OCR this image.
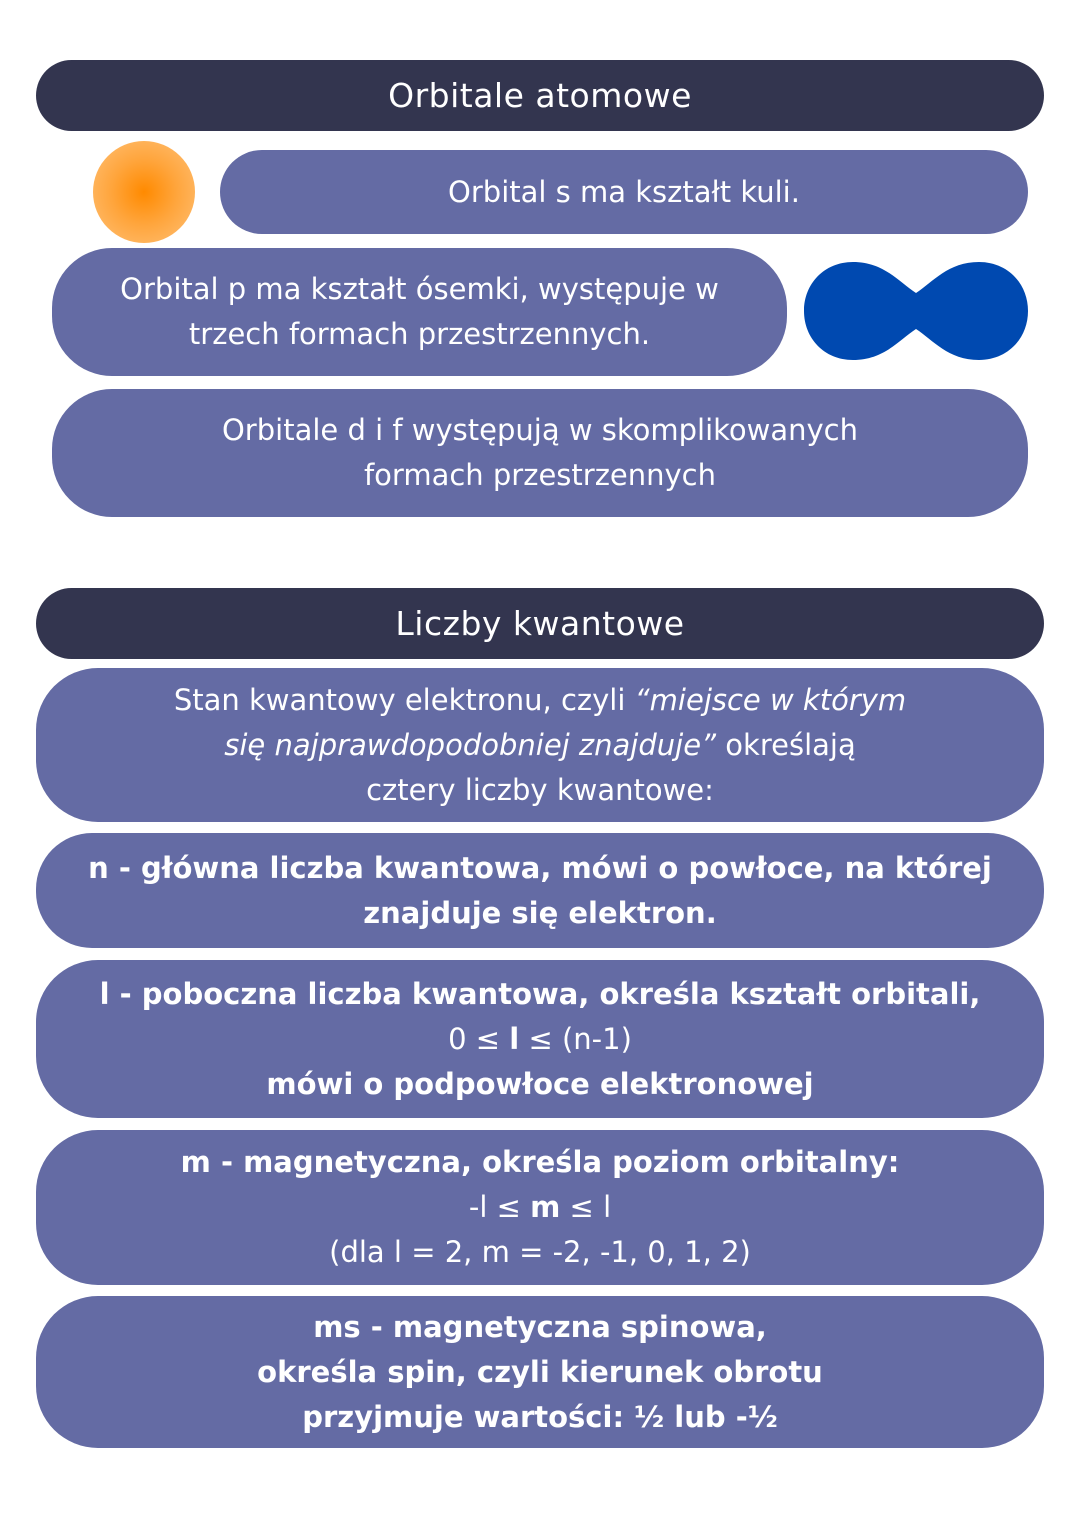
Orbitale atomowe
Orbital s ma kształt kuli.
Orbital p ma kształt ósemki, występuje w
trzech formach przestrzennych.
Orbitale d i f występują w skomplikowanych
formach przestrzennych
Liczby kwantowe
Stan kwantowy elektronu, czyli “miejsce w którym
się najprawdopodobniej znajduje” określają
cztery liczby kwantowe:
n - główna liczba kwantowa, mówi o powłoce, na której
znajduje się elektron.
l - poboczna liczba kwantowa, określa kształt orbitali,
0 ≤ l ≤ (n-1)
mówi o podpowłoce elektronowej
m - magnetyczna, określa poziom orbitalny:
-l ≤ m ≤ l
(dla l = 2, m = -2, -1, 0, 1, 2)
ms - magnetyczna spinowa,
określa spin, czyli kierunek obrotu
przyjmuje wartości: ½ lub -½
